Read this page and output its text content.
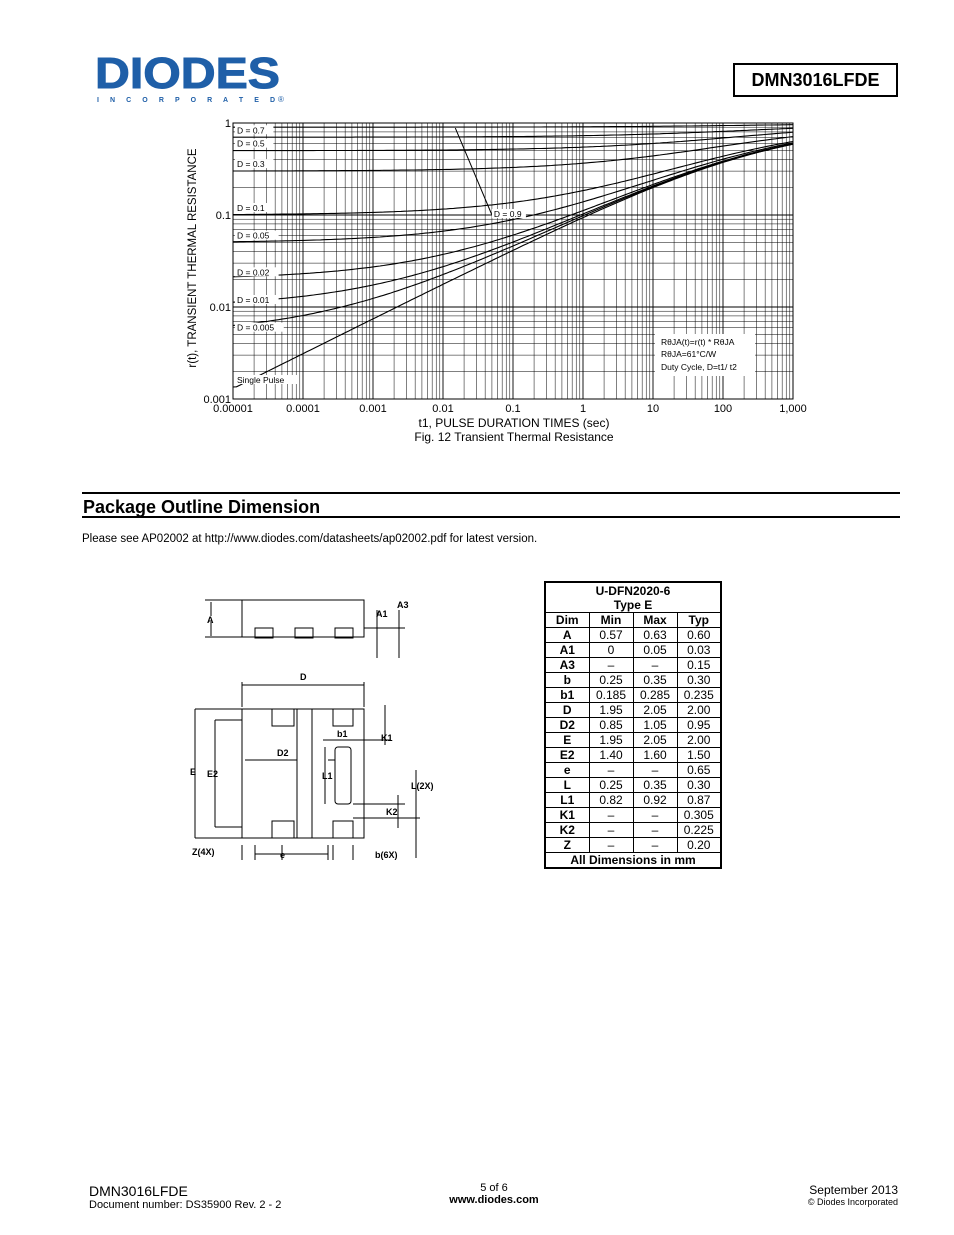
DIODES
I N C O R P O R A T E D ®
DMN3016LFDE
D = 0.9
D = 0.7
D = 0.5
D = 0.3
D = 0.1
D = 0.05
D = 0.02
D = 0.01
D = 0.005
Single Pulse
0.00001	0.0001	0.001	0.01	0.1	1	10	100	1,000
0.001
0.01
0.1
1
r(t), TRANSIENT THERMAL RESISTANCE
t1, PULSE DURATION TIMES (sec)
Fig. 12 Transient Thermal Resistance
RθJA(t)=r(t) * RθJA
RθJA=61°C/W
Duty Cycle, D=t1/ t2
Package Outline Dimension
Please see AP02002 at http://www.diodes.com/datasheets/ap02002.pdf for latest version.
A
A1
A3
D
D2
E E2
b1	K1
L1
L(2X)
K2
Z(4X)	e	b(6X)
U-DFN2020-6
Type E			

Dim	Min	Max	Typ
A	0.57	0.63	0.60
A1	0	0.05	0.03
A3	–	–	0.15
b	0.25	0.35	0.30
b1	0.185	0.285	0.235
D	1.95	2.05	2.00
D2	0.85	1.05	0.95
E	1.95	2.05	2.00
E2	1.40	1.60	1.50
e	–	–	0.65
L	0.25	0.35	0.30
L1	0.82	0.92	0.87
K1	–	–	0.305
K2	–	–	0.225
Z	–	–	0.20
All Dimensions in mm			
DMN3016LFDE
Document number: DS35900 Rev. 2 - 2
5 of 6
www.diodes.com
September 2013
© Diodes Incorporated
